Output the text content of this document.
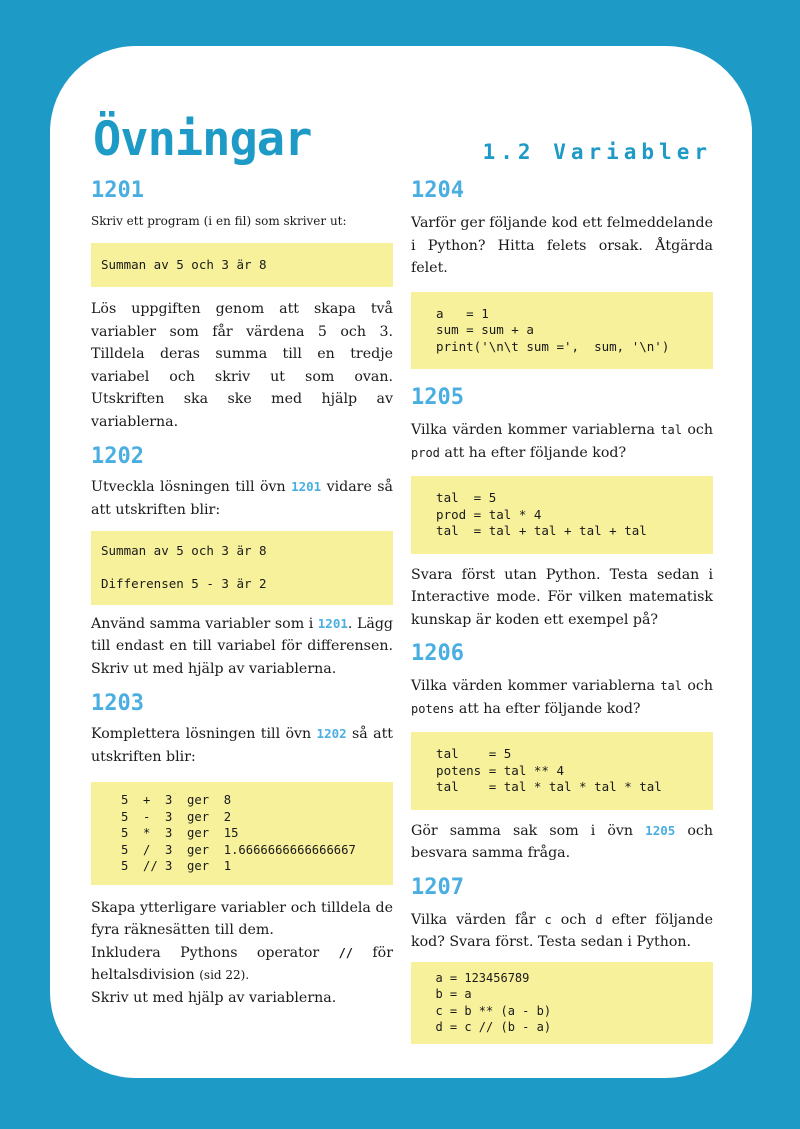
Övningar	1.2 Variabler
1201

Skriv ett program (i en fil) som skriver ut:

Summan av 5 och 3 är 8

Lös uppgiften genom att skapa två variabler som får värdena 5 och 3. Tilldela deras summa till en tredje variabel och skriv ut som ovan. Utskriften ska ske med hjälp av variablerna.

1202

Utveckla lösningen till övn 1201 vidare så att utskriften blir:

Summan av 5 och 3 är 8

Differensen 5 - 3 är 2

Använd samma variabler som i 1201. Lägg till endast en till variabel för differensen. Skriv ut med hjälp av variablerna.

1203

Komplettera lösningen till övn 1202 så att utskriften blir:

5  +  3  ger  8
5  -  3  ger  2
5  *  3  ger  15
5  /  3  ger  1.6666666666666667
5  // 3  ger  1

Skapa ytterligare variabler och tilldela de fyra räknesätten till dem.

Inkludera Pythons operator // för heltalsdivision (sid 22).

Skriv ut med hjälp av variablerna.

1204

Varför ger följande kod ett felmeddelande i Python? Hitta felets orsak. Åtgärda felet.

a   = 1
sum = sum + a
print('\n\t sum =',  sum, '\n')
1205

Vilka värden kommer variablerna tal och prod att ha efter följande kod?

tal  = 5
prod = tal * 4
tal  = tal + tal + tal + tal

Svara först utan Python. Testa sedan i Interactive mode. För vilken matematisk kunskap är koden ett exempel på?

1206

Vilka värden kommer variablerna tal och potens att ha efter följande kod?

tal    = 5
potens = tal ** 4
tal    = tal * tal * tal * tal

Gör samma sak som i övn 1205 och besvara samma fråga.

1207

Vilka värden får c och d efter följande kod? Svara först. Testa sedan i Python.

a = 123456789
b = a
c = b ** (a - b)
d = c // (b - a)
